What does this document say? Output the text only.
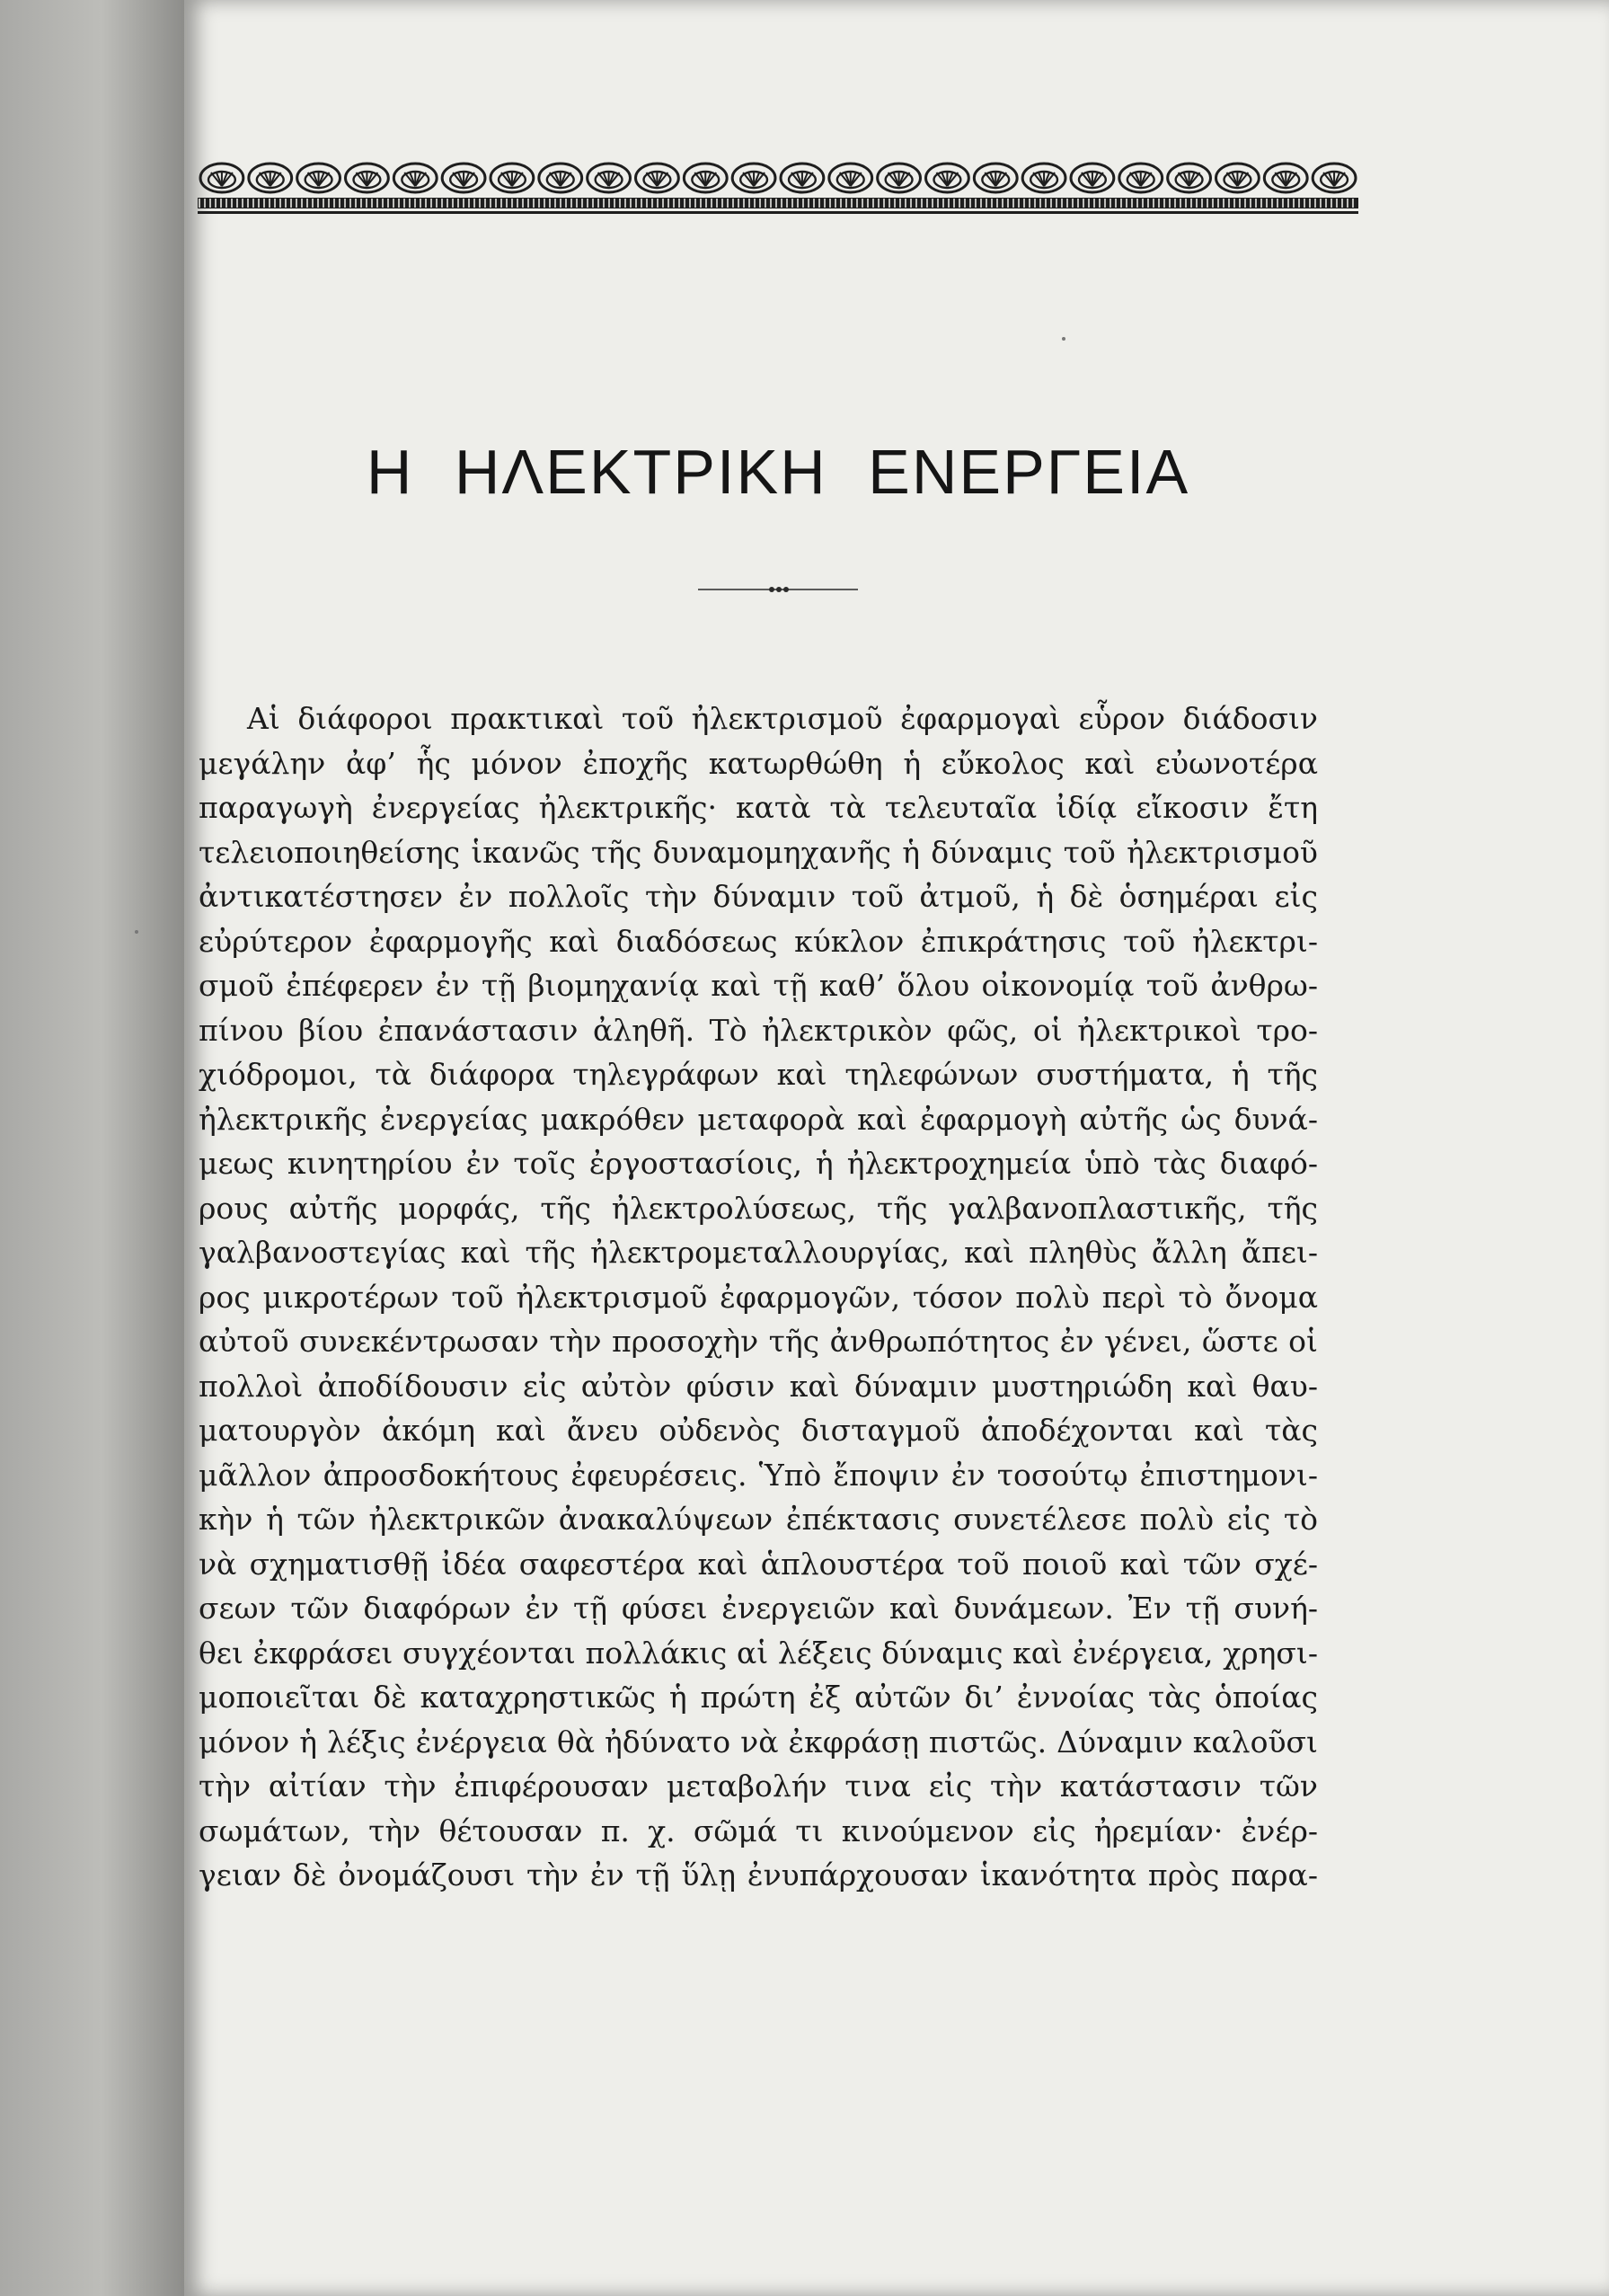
Η ΗΛΕΚΤΡΙΚΗ ΕΝΕΡΓΕΙΑ
Αἱ διάφοροι πρακτικαὶ τοῦ ἠλεκτρισμοῦ ἐφαρμογαὶ εὗρον διάδοσιν
μεγάλην ἀφ’ ἧς μόνον ἐποχῆς κατωρθώθη ἡ εὔκολος καὶ εὐωνοτέρα
παραγωγὴ ἐνεργείας ἠλεκτρικῆς· κατὰ τὰ τελευταῖα ἰδίᾳ εἴκοσιν ἔτη
τελειοποιηθείσης ἱκανῶς τῆς δυναμομηχανῆς ἡ δύναμις τοῦ ἠλεκτρισμοῦ
ἀντικατέστησεν ἐν πολλοῖς τὴν δύναμιν τοῦ ἀτμοῦ, ἡ δὲ ὁσημέραι εἰς
εὐρύτερον ἐφαρμογῆς καὶ διαδόσεως κύκλον ἐπικράτησις τοῦ ἠλεκτρι-
σμοῦ ἐπέφερεν ἐν τῇ βιομηχανίᾳ καὶ τῇ καθ’ ὅλου οἰκονομίᾳ τοῦ ἀνθρω-
πίνου βίου ἐπανάστασιν ἀληθῆ. Τὸ ἠλεκτρικὸν φῶς, οἱ ἠλεκτρικοὶ τρο-
χιόδρομοι, τὰ διάφορα τηλεγράφων καὶ τηλεφώνων συστήματα, ἡ τῆς
ἠλεκτρικῆς ἐνεργείας μακρόθεν μεταφορὰ καὶ ἐφαρμογὴ αὐτῆς ὡς δυνά-
μεως κινητηρίου ἐν τοῖς ἐργοστασίοις, ἡ ἠλεκτροχημεία ὑπὸ τὰς διαφό-
ρους αὐτῆς μορφάς, τῆς ἠλεκτρολύσεως, τῆς γαλβανοπλαστικῆς, τῆς
γαλβανοστεγίας καὶ τῆς ἠλεκτρομεταλλουργίας, καὶ πληθὺς ἄλλη ἄπει-
ρος μικροτέρων τοῦ ἠλεκτρισμοῦ ἐφαρμογῶν, τόσον πολὺ περὶ τὸ ὄνομα
αὐτοῦ συνεκέντρωσαν τὴν προσοχὴν τῆς ἀνθρωπότητος ἐν γένει, ὥστε οἱ
πολλοὶ ἀποδίδουσιν εἰς αὐτὸν φύσιν καὶ δύναμιν μυστηριώδη καὶ θαυ-
ματουργὸν ἀκόμη καὶ ἄνευ οὐδενὸς δισταγμοῦ ἀποδέχονται καὶ τὰς
μᾶλλον ἀπροσδοκήτους ἐφευρέσεις. Ὑπὸ ἔποψιν ἐν τοσούτῳ ἐπιστημονι-
κὴν ἡ τῶν ἠλεκτρικῶν ἀνακαλύψεων ἐπέκτασις συνετέλεσε πολὺ εἰς τὸ
νὰ σχηματισθῇ ἰδέα σαφεστέρα καὶ ἁπλουστέρα τοῦ ποιοῦ καὶ τῶν σχέ-
σεων τῶν διαφόρων ἐν τῇ φύσει ἐνεργειῶν καὶ δυνάμεων. Ἐν τῇ συνή-
θει ἐκφράσει συγχέονται πολλάκις αἱ λέξεις δύναμις καὶ ἐνέργεια, χρησι-
μοποιεῖται δὲ καταχρηστικῶς ἡ πρώτη ἐξ αὐτῶν δι’ ἐννοίας τὰς ὁποίας
μόνον ἡ λέξις ἐνέργεια θὰ ἠδύνατο νὰ ἐκφράσῃ πιστῶς. Δύναμιν καλοῦσι
τὴν αἰτίαν τὴν ἐπιφέρουσαν μεταβολήν τινα εἰς τὴν κατάστασιν τῶν
σωμάτων, τὴν θέτουσαν π. χ. σῶμά τι κινούμενον εἰς ἠρεμίαν· ἐνέρ-
γειαν δὲ ὀνομάζουσι τὴν ἐν τῇ ὕλῃ ἐνυπάρχουσαν ἱκανότητα πρὸς παρα-
